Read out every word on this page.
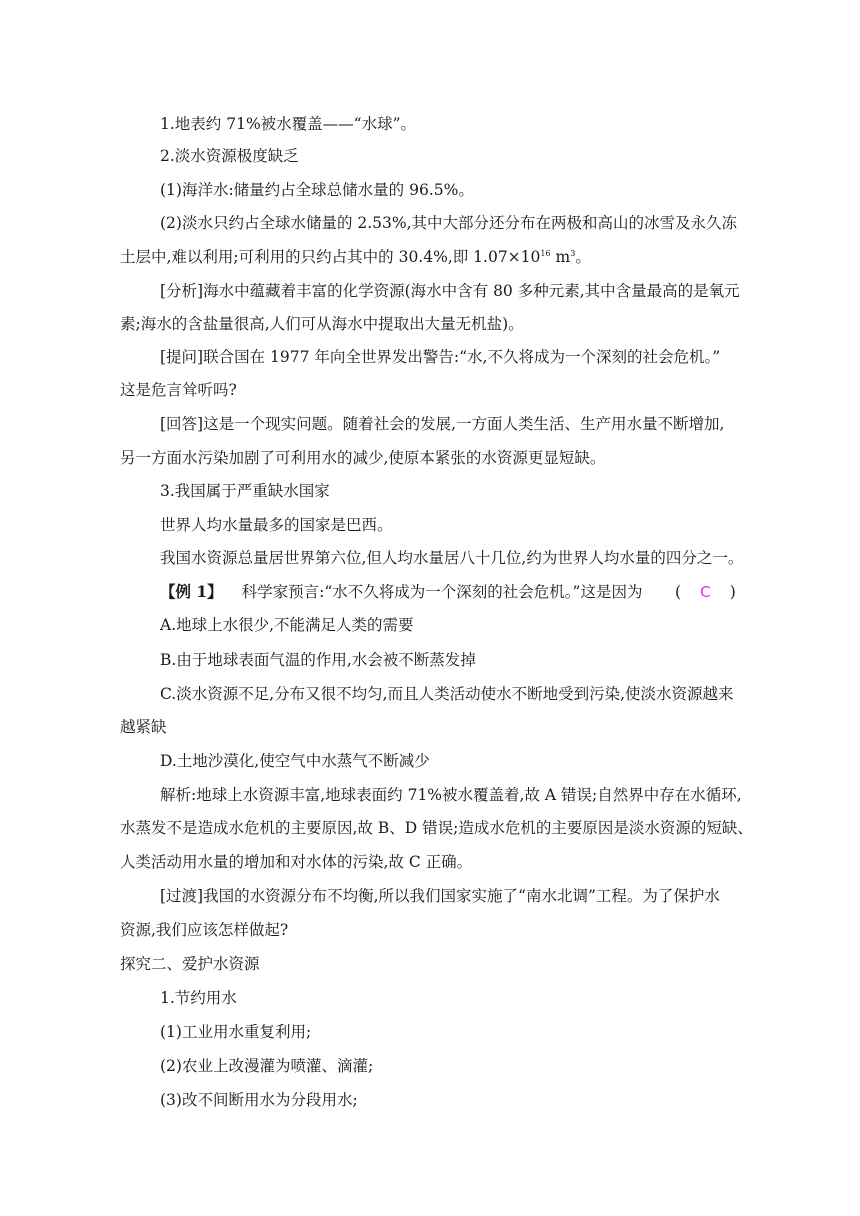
1.地表约 71%被水覆盖——“水球”。
2.淡水资源极度缺乏
(1)海洋水:储量约占全球总储水量的 96.5%。
(2)淡水只约占全球水储量的 2.53%,其中大部分还分布在两极和高山的冰雪及永久冻
土层中,难以利用;可利用的只约占其中的 30.4%,即 $1.07\times 10^{16}$ $m^3$。
[分析]海水中蕴藏着丰富的化学资源(海水中含有 80 多种元素,其中含量最高的是氧元
素;海水的含盐量很高,人们可从海水中提取出大量无机盐)。
[提问]联合国在 1977 年向全世界发出警告:“水,不久将成为一个深刻的社会危机。”
这是危言耸听吗?
[回答]这是一个现实问题。随着社会的发展,一方面人类生活、生产用水量不断增加,
另一方面水污染加剧了可利用水的减少,使原本紧张的水资源更显短缺。
3.我国属于严重缺水国家
世界人均水量最多的国家是巴西。
我国水资源总量居世界第六位,但人均水量居八十几位,约为世界人均水量的四分之一。
【例 1】 科学家预言:“水不久将成为一个深刻的社会危机。”这是因为 ( C )
A.地球上水很少,不能满足人类的需要
B.由于地球表面气温的作用,水会被不断蒸发掉
C.淡水资源不足,分布又很不均匀,而且人类活动使水不断地受到污染,使淡水资源越来
越紧缺
D.土地沙漠化,使空气中水蒸气不断减少
解析:地球上水资源丰富,地球表面约 71%被水覆盖着,故 A 错误;自然界中存在水循环,
水蒸发不是造成水危机的主要原因,故 B、D 错误;造成水危机的主要原因是淡水资源的短缺、
人类活动用水量的增加和对水体的污染,故 C 正确。
[过渡]我国的水资源分布不均衡,所以我们国家实施了“南水北调”工程。为了保护水
资源,我们应该怎样做起?
探究二、爱护水资源
1.节约用水
(1)工业用水重复利用;
(2)农业上改漫灌为喷灌、滴灌;
(3)改不间断用水为分段用水;
